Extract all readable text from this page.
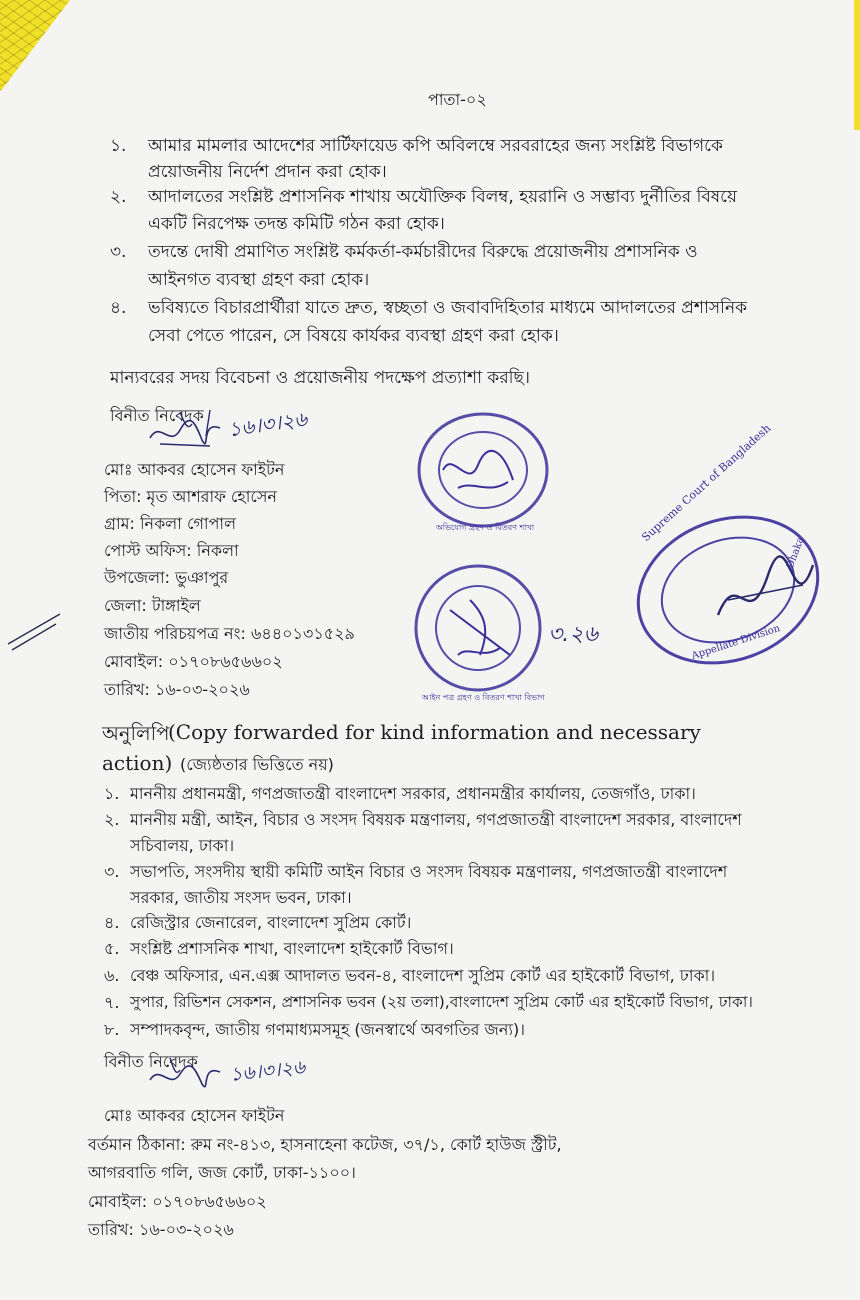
পাতা-০২
১. আমার মামলার আদেশের সার্টিফায়েড কপি অবিলম্বে সরবরাহের জন্য সংশ্লিষ্ট বিভাগকে
প্রয়োজনীয় নির্দেশ প্রদান করা হোক।
২. আদালতের সংশ্লিষ্ট প্রশাসনিক শাখায় অযৌক্তিক বিলম্ব, হয়রানি ও সম্ভাব্য দুর্নীতির বিষয়ে
একটি নিরপেক্ষ তদন্ত কমিটি গঠন করা হোক।
৩. তদন্তে দোষী প্রমাণিত সংশ্লিষ্ট কর্মকর্তা-কর্মচারীদের বিরুদ্ধে প্রয়োজনীয় প্রশাসনিক ও
আইনগত ব্যবস্থা গ্রহণ করা হোক।
৪. ভবিষ্যতে বিচারপ্রার্থীরা যাতে দ্রুত, স্বচ্ছতা ও জবাবদিহিতার মাধ্যমে আদালতের প্রশাসনিক
সেবা পেতে পারেন, সে বিষয়ে কার্যকর ব্যবস্থা গ্রহণ করা হোক।
মান্যবরের সদয় বিবেচনা ও প্রয়োজনীয় পদক্ষেপ প্রত্যাশা করছি।
বিনীত নিবেদক ১৬।৩।২৬
মোঃ আকবর হোসেন ফাইটন
পিতা: মৃত আশরাফ হোসেন
গ্রাম: নিকলা গোপাল
পোস্ট অফিস: নিকলা
উপজেলা: ভুঞাপুর
জেলা: টাঙ্গাইল
জাতীয় পরিচয়পত্র নং: ৬৪৪০১৩১৫২৯
মোবাইল: ০১৭০৮৬৫৬৬০২
তারিখ: ১৬-০৩-২০২৬
অভিযোগ গ্রহণ ও বিতরণ শাখা
আইন পত্র গ্রহণ ও বিতরণ শাখা বিভাগ
৩.২৬
Supreme Court of Bangladesh
Appellate Division
Dhaka
অনুলিপি
(Copy forwarded for kind information and necessary
action) (জ্যেষ্ঠতার ভিত্তিতে নয়)
১. মাননীয় প্রধানমন্ত্রী, গণপ্রজাতন্ত্রী বাংলাদেশ সরকার, প্রধানমন্ত্রীর কার্যালয়, তেজগাঁও, ঢাকা।
২. মাননীয় মন্ত্রী, আইন, বিচার ও সংসদ বিষয়ক মন্ত্রণালয়, গণপ্রজাতন্ত্রী বাংলাদেশ সরকার, বাংলাদেশ
সচিবালয়, ঢাকা।
৩. সভাপতি, সংসদীয় স্থায়ী কমিটি আইন বিচার ও সংসদ বিষয়ক মন্ত্রণালয়, গণপ্রজাতন্ত্রী বাংলাদেশ
সরকার, জাতীয় সংসদ ভবন, ঢাকা।
৪. রেজিস্ট্রার জেনারেল, বাংলাদেশ সুপ্রিম কোর্ট।
৫. সংশ্লিষ্ট প্রশাসনিক শাখা, বাংলাদেশ হাইকোর্ট বিভাগ।
৬. বেঞ্চ অফিসার, এন.এক্স আদালত ভবন-৪, বাংলাদেশ সুপ্রিম কোর্ট এর হাইকোর্ট বিভাগ, ঢাকা।
৭. সুপার, রিভিশন সেকশন, প্রশাসনিক ভবন (২য় তলা),বাংলাদেশ সুপ্রিম কোর্ট এর হাইকোর্ট বিভাগ, ঢাকা।
৮. সম্পাদকবৃন্দ, জাতীয় গণমাধ্যমসমূহ (জনস্বার্থে অবগতির জন্য)।
বিনীত নিবেদক ১৬।৩।২৬
মোঃ আকবর হোসেন ফাইটন
বর্তমান ঠিকানা: রুম নং-৪১৩, হাসনাহেনা কটেজ, ৩৭/১, কোর্ট হাউজ স্ট্রীট,
আগরবাতি গলি, জজ কোর্ট, ঢাকা-১১০০।
মোবাইল: ০১৭০৮৬৫৬৬০২
তারিখ: ১৬-০৩-২০২৬
